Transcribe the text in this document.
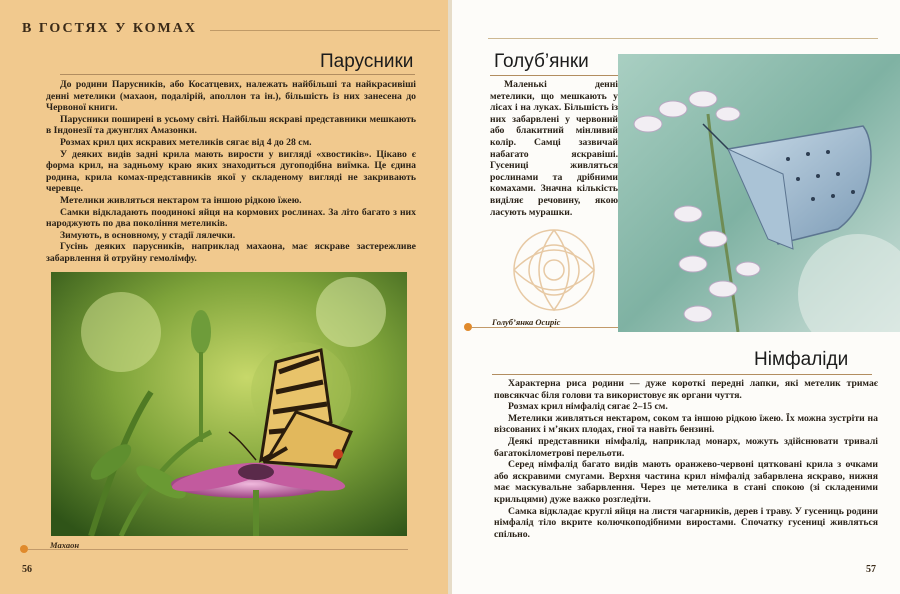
В ГОСТЯХ У КОМАХ
Парусники

До родини Парусників, або Косатцевих, належать найбільші та найкрасивіші денні метелики (махаон, подалірій, аполлон та ін.), більшість із них занесена до Червоної книги.

Парусники поширені в усьому світі. Найбільш яскраві представники мешкають в Індонезії та джунглях Амазонки.

Розмах крил цих яскравих метеликів сягає від 4 до 28 см.

У деяких видів задні крила мають вирости у вигляді «хвостиків». Цікаво є форма крил, на задньому краю яких знаходиться дугоподібна виїмка. Це єдина родина, крила комах-представників якої у складеному вигляді не закривають черевце.

Метелики живляться нектаром та іншою рідкою їжею.

Самки відкладають поодинокі яйця на кормових рослинах. За літо багато з них народжують по два покоління метеликів.

Зимують, в основному, у стадії лялечки.

Гусінь деяких парусників, наприклад махаона, має яскраве застережливе забарвлення й отруйну гемолімфу.

Махаон
56
Голуб’янки

Маленькі денні метелики, що мешкають у лісах і на луках. Більшість із них забарвлені у червоний або блакитний мінливий колір. Самці зазвичай набагато яскравіші. Гусениці живляться рослинами та дрібними комахами. Значна кількість виділяє речовину, якою ласують мурашки.

Голуб’янка Осиріс
Німфаліди

Характерна риса родини — дуже короткі передні лапки, які метелик тримає повсякчас біля голови та використовує як органи чуття.

Розмах крил німфалід сягає 2–15 см.

Метелики живляться нектаром, соком та іншою рідкою їжею. Їх можна зустріти на візсованих і м’яких плодах, гної та навіть бензині.

Деякі представники німфалід, наприклад монарх, можуть здійснювати тривалі багатокілометрові перельоти.

Серед німфалід багато видів мають оранжево-червоні цятковані крила з очками або яскравими смугами. Верхня частина крил німфалід забарвлена яскраво, нижня має маскувальне забарвлення. Через це метелика в стані спокою (зі складеними крильцями) дуже важко розгледіти.

Самка відкладає круглі яйця на листя чагарників, дерев і траву. У гусениць родини німфалід тіло вкрите колючкоподібними виростами. Спочатку гусениці живляться спільно.

57
